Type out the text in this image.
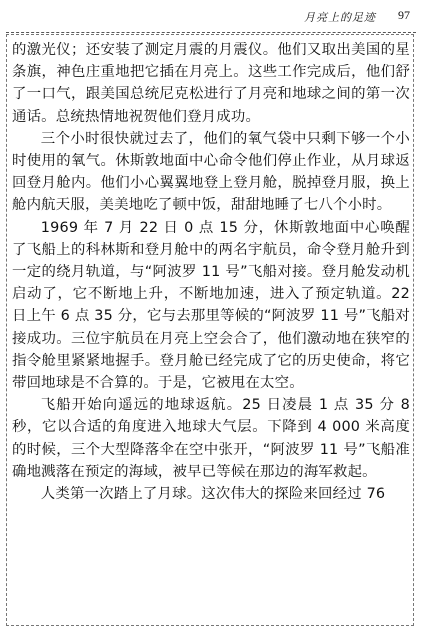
月亮上的足迹 97

的激光仪；还安装了测定月震的月震仪。他们又取出美国的星条旗，神色庄重地把它插在月亮上。这些工作完成后，他们舒了一口气，跟美国总统尼克松进行了月亮和地球之间的第一次通话。总统热情地祝贺他们登月成功。

三个小时很快就过去了，他们的氧气袋中只剩下够一个小时使用的氧气。休斯敦地面中心命令他们停止作业，从月球返回登月舱内。他们小心翼翼地登上登月舱，脱掉登月服，换上舱内航天服，美美地吃了顿中饭，甜甜地睡了七八个小时。

1969 年 7 月 22 日 0 点 15 分，休斯敦地面中心唤醒了飞船上的科林斯和登月舱中的两名宇航员，命令登月舱升到一定的绕月轨道，与“阿波罗 11 号”飞船对接。登月舱发动机启动了，它不断地上升，不断地加速，进入了预定轨道。22 日上午 6 点 35 分，它与去那里等候的“阿波罗 11 号”飞船对接成功。三位宇航员在月亮上空会合了，他们激动地在狭窄的指令舱里紧紧地握手。登月舱已经完成了它的历史使命，将它带回地球是不合算的。于是，它被甩在太空。

飞船开始向遥远的地球返航。25 日凌晨 1 点 35 分 8 秒，它以合适的角度进入地球大气层。下降到 4 000 米高度的时候，三个大型降落伞在空中张开，“阿波罗 11 号”飞船准确地溅落在预定的海域，被早已等候在那边的海军救起。

人类第一次踏上了月球。这次伟大的探险来回经过 76
